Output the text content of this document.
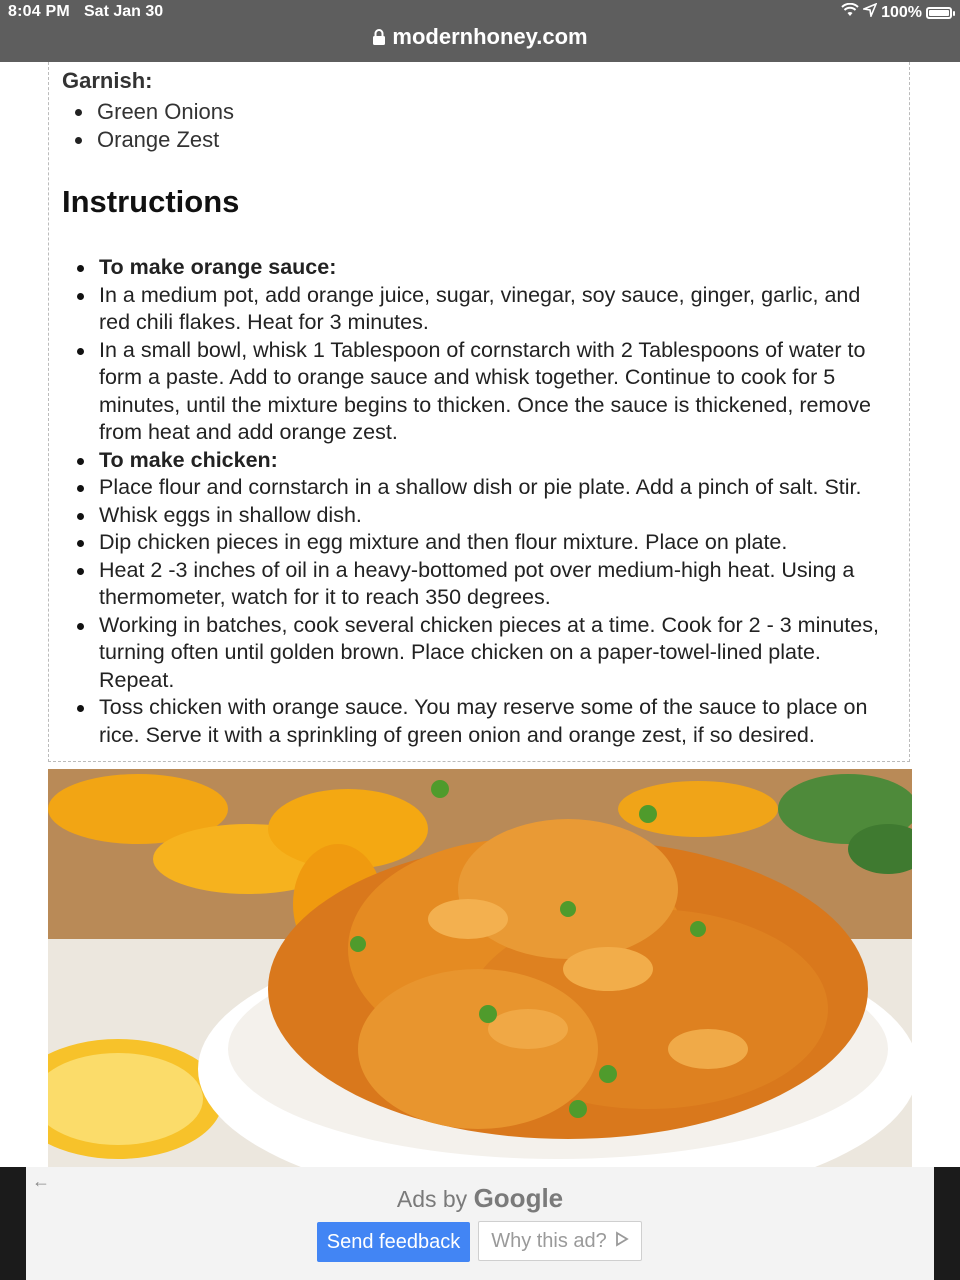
8:04 PM Sat Jan 30	100%
modernhoney.com
Garnish:
Green Onions
Orange Zest
Instructions
To make orange sauce:
In a medium pot, add orange juice, sugar, vinegar, soy sauce, ginger, garlic, and red chili flakes. Heat for 3 minutes.
In a small bowl, whisk 1 Tablespoon of cornstarch with 2 Tablespoons of water to form a paste. Add to orange sauce and whisk together. Continue to cook for 5 minutes, until the mixture begins to thicken. Once the sauce is thickened, remove from heat and add orange zest.
To make chicken:
Place flour and cornstarch in a shallow dish or pie plate. Add a pinch of salt. Stir.
Whisk eggs in shallow dish.
Dip chicken pieces in egg mixture and then flour mixture. Place on plate.
Heat 2 -3 inches of oil in a heavy-bottomed pot over medium-high heat. Using a thermometer, watch for it to reach 350 degrees.
Working in batches, cook several chicken pieces at a time. Cook for 2 - 3 minutes, turning often until golden brown. Place chicken on a paper-towel-lined plate. Repeat.
Toss chicken with orange sauce. You may reserve some of the sauce to place on rice. Serve it with a sprinkling of green onion and orange zest, if so desired.
←
Ads by Google
Send feedback	Why this ad?
